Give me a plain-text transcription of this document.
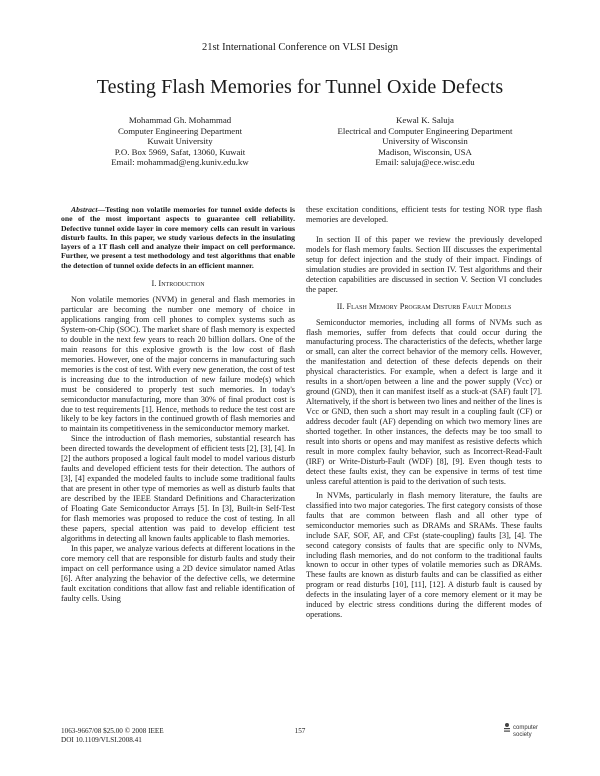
21st International Conference on VLSI Design
Testing Flash Memories for Tunnel Oxide Defects
Mohammad Gh. Mohammad
Computer Engineering Department
Kuwait University
P.O. Box 5969, Safat, 13060, Kuwait
Email: mohammad@eng.kuniv.edu.kw
Kewal K. Saluja
Electrical and Computer Engineering Department
University of Wisconsin
Madison, Wisconsin, USA
Email: saluja@ece.wisc.edu

Abstract—Testing non volatile memories for tunnel oxide defects is one of the most important aspects to guarantee cell reliability. Defective tunnel oxide layer in core memory cells can result in various disturb faults. In this paper, we study various defects in the insulating layers of a 1T flash cell and analyze their impact on cell performance. Further, we present a test methodology and test algorithms that enable the detection of tunnel oxide defects in an efficient manner.

I. Introduction

Non volatile memories (NVM) in general and flash memories in particular are becoming the number one memory of choice in applications ranging from cell phones to complex systems such as System-on-Chip (SOC). The market share of flash memory is expected to double in the next few years to reach 20 billion dollars. One of the main reasons for this explosive growth is the low cost of flash memories. However, one of the major concerns in manufacturing such memories is the cost of test. With every new generation, the cost of test is increasing due to the introduction of new failure mode(s) which must be considered to properly test such memories. In today's semiconductor manufacturing, more than 30% of final product cost is due to test requirements [1]. Hence, methods to reduce the test cost are likely to be key factors in the continued growth of flash memories and to maintain its competitiveness in the semiconductor memory market.

Since the introduction of flash memories, substantial research has been directed towards the development of efficient tests [2], [3], [4]. In [2] the authors proposed a logical fault model to model various disturb faults and developed efficient tests for their detection. The authors of [3], [4] expanded the modeled faults to include some traditional faults that are present in other type of memories as well as disturb faults that are described by the IEEE Standard Definitions and Characterization of Floating Gate Semiconductor Arrays [5]. In [3], Built-in Self-Test for flash memories was proposed to reduce the cost of testing. In all these papers, special attention was paid to develop efficient test algorithms in detecting all known faults applicable to flash memories.

In this paper, we analyze various defects at different locations in the core memory cell that are responsible for disturb faults and study their impact on cell performance using a 2D device simulator named Atlas [6]. After analyzing the behavior of the defective cells, we determine fault excitation conditions that allow fast and reliable identification of faulty cells. Using

these excitation conditions, efficient tests for testing NOR type flash memories are developed.

In section II of this paper we review the previously developed models for flash memory faults. Section III discusses the experimental setup for defect injection and the study of their impact. Findings of simulation studies are provided in section IV. Test algorithms and their detection capabilities are discussed in section V. Section VI concludes the paper.

II. Flash Memory Program Disturb Fault Models

Semiconductor memories, including all forms of NVMs such as flash memories, suffer from defects that could occur during the manufacturing process. The characteristics of the defects, whether large or small, can alter the correct behavior of the memory cells. However, the manifestation and detection of these defects depends on their physical characteristics. For example, when a defect is large and it results in a short/open between a line and the power supply (Vcc) or ground (GND), then it can manifest itself as a stuck-at (SAF) fault [7]. Alternatively, if the short is between two lines and neither of the lines is Vcc or GND, then such a short may result in a coupling fault (CF) or address decoder fault (AF) depending on which two memory lines are shorted together. In other instances, the defects may be too small to result into shorts or opens and may manifest as resistive defects which result in more complex faulty behavior, such as Incorrect-Read-Fault (IRF) or Write-Disturb-Fault (WDF) [8], [9]. Even though tests to detect these faults exist, they can be expensive in terms of test time unless careful attention is paid to the derivation of such tests.

In NVMs, particularly in flash memory literature, the faults are classified into two major categories. The first category consists of those faults that are common between flash and all other type of semiconductor memories such as DRAMs and SRAMs. These faults include SAF, SOF, AF, and CFst (state-coupling) faults [3], [4]. The second category consists of faults that are specific only to NVMs, including flash memories, and do not conform to the traditional faults known to occur in other types of volatile memories such as DRAMs. These faults are known as disturb faults and can be classified as either program or read disturbs [10], [11], [12]. A disturb fault is caused by defects in the insulating layer of a core memory element or it may be induced by electric stress conditions during the different modes of operations.

1063-9667/08 $25.00 © 2008 IEEE
DOI 10.1109/VLSI.2008.41
157	computer
society
